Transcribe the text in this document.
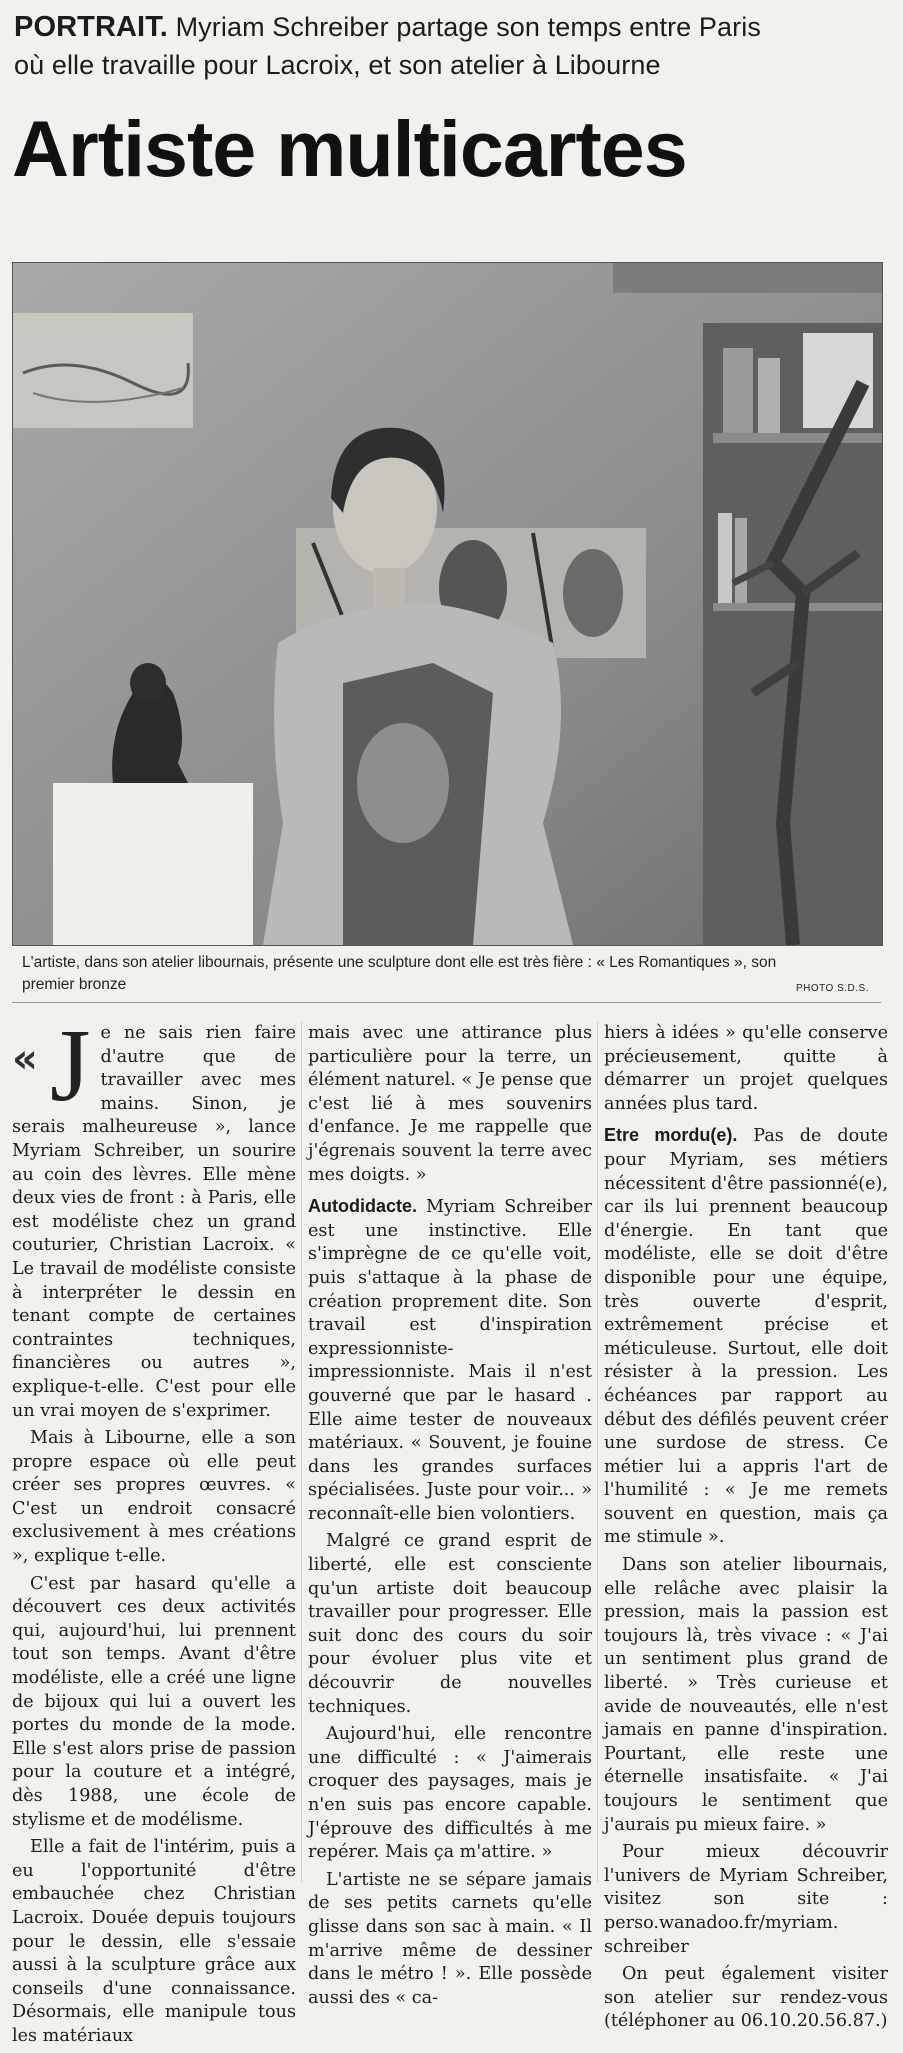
PORTRAIT. Myriam Schreiber partage son temps entre Paris
où elle travaille pour Lacroix, et son atelier à Libourne
Artiste multicartes
L'artiste, dans son atelier libournais, présente une sculpture dont elle est très fière : « Les Romantiques », son premier bronze	PHOTO S.D.S.
« J e ne sais rien faire d'autre que de travailler avec mes mains. Sinon, je serais malheureuse », lance Myriam Schreiber, un sourire au coin des lèvres. Elle mène deux vies de front : à Paris, elle est modéliste chez un grand couturier, Christian Lacroix. « Le travail de modéliste consiste à interpréter le dessin en tenant compte de certaines contraintes techniques, financières ou autres », explique-t-elle. C'est pour elle un vrai moyen de s'exprimer.

Mais à Libourne, elle a son propre espace où elle peut créer ses propres œuvres. « C'est un endroit consacré exclusivement à mes créations », explique t-elle.

C'est par hasard qu'elle a découvert ces deux activités qui, aujourd'hui, lui prennent tout son temps. Avant d'être modéliste, elle a créé une ligne de bijoux qui lui a ouvert les portes du monde de la mode. Elle s'est alors prise de passion pour la couture et a intégré, dès 1988, une école de stylisme et de modélisme.

Elle a fait de l'intérim, puis a eu l'opportunité d'être embauchée chez Christian Lacroix. Douée depuis toujours pour le dessin, elle s'essaie aussi à la sculpture grâce aux conseils d'une connaissance. Désormais, elle manipule tous les matériaux

mais avec une attirance plus particulière pour la terre, un élément naturel. « Je pense que c'est lié à mes souvenirs d'enfance. Je me rappelle que j'égrenais souvent la terre avec mes doigts. »

Autodidacte. Myriam Schreiber est une instinctive. Elle s'imprègne de ce qu'elle voit, puis s'attaque à la phase de création proprement dite. Son travail est d'inspiration expressionniste-impressionniste. Mais il n'est gouverné que par le hasard . Elle aime tester de nouveaux matériaux. « Souvent, je fouine dans les grandes surfaces spécialisées. Juste pour voir... » reconnaît-elle bien volontiers.

Malgré ce grand esprit de liberté, elle est consciente qu'un artiste doit beaucoup travailler pour progresser. Elle suit donc des cours du soir pour évoluer plus vite et découvrir de nouvelles techniques.

Aujourd'hui, elle rencontre une difficulté : « J'aimerais croquer des paysages, mais je n'en suis pas encore capable. J'éprouve des difficultés à me repérer. Mais ça m'attire. »

L'artiste ne se sépare jamais de ses petits carnets qu'elle glisse dans son sac à main. « Il m'arrive même de dessiner dans le métro ! ». Elle possède aussi des « ca-

hiers à idées » qu'elle conserve précieusement, quitte à démarrer un projet quelques années plus tard.

Etre mordu(e). Pas de doute pour Myriam, ses métiers nécessitent d'être passionné(e), car ils lui prennent beaucoup d'énergie. En tant que modéliste, elle se doit d'être disponible pour une équipe, très ouverte d'esprit, extrêmement précise et méticuleuse. Surtout, elle doit résister à la pression. Les échéances par rapport au début des défilés peuvent créer une surdose de stress. Ce métier lui a appris l'art de l'humilité : « Je me remets souvent en question, mais ça me stimule ».

Dans son atelier libournais, elle relâche avec plaisir la pression, mais la passion est toujours là, très vivace : « J'ai un sentiment plus grand de liberté. » Très curieuse et avide de nouveautés, elle n'est jamais en panne d'inspiration. Pourtant, elle reste une éternelle insatisfaite. « J'ai toujours le sentiment que j'aurais pu mieux faire. »

Pour mieux découvrir l'univers de Myriam Schreiber, visitez son site : perso.wanadoo.fr/myriam. schreiber

On peut également visiter son atelier sur rendez-vous (téléphoner au 06.10.20.56.87.)
